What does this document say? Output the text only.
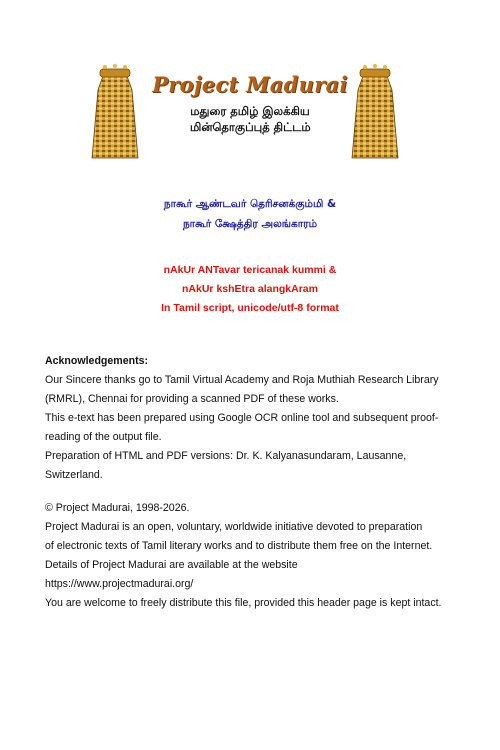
Project Madurai
மதுரை தமிழ் இலக்கிய
மின்தொகுப்புத் திட்டம்
நாகூர் ஆண்டவர் தெரிசனக்கும்மி &
நாகூர் க்ஷேத்திர அலங்காரம்
nAkUr ANTavar tericanak kummi &
nAkUr kshEtra alangkAram
In Tamil script, unicode/utf-8 format
Acknowledgements:
Our Sincere thanks go to Tamil Virtual Academy and Roja Muthiah Research Library
(RMRL), Chennai for providing a scanned PDF of these works.
This e-text has been prepared using Google OCR online tool and subsequent proof-
reading of the output file.
Preparation of HTML and PDF versions: Dr. K. Kalyanasundaram, Lausanne,
Switzerland.
© Project Madurai, 1998-2026.
Project Madurai is an open, voluntary, worldwide initiative devoted to preparation
of electronic texts of Tamil literary works and to distribute them free on the Internet.
Details of Project Madurai are available at the website
https://www.projectmadurai.org/
You are welcome to freely distribute this file, provided this header page is kept intact.
